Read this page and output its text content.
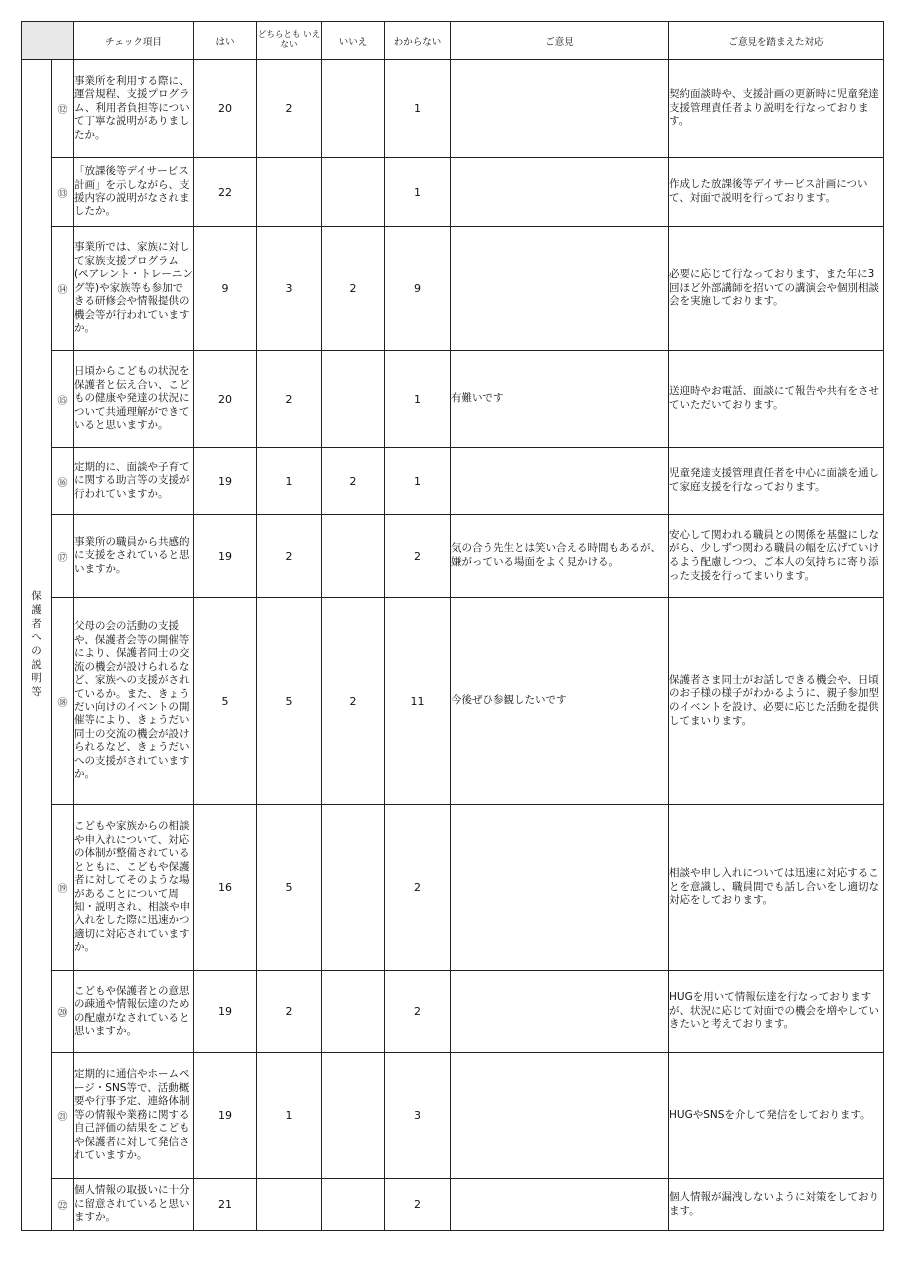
		チェック項目	はい	どちらとも いえない	いいえ	わからない	ご意見	ご意見を踏まえた対応
保護者への説明等	⑫	事業所を利用する際に、運営規程、支援プログラム、利用者負担等について丁寧な説明がありましたか。	20	2		1		契約面談時や、支援計画の更新時に児童発達支援管理責任者より説明を行なっております。
	⑬	「放課後等デイサービス計画」を示しながら、支援内容の説明がなされましたか。	22			1		作成した放課後等デイサービス計画について、対面で説明を行っております。
	⑭	事業所では、家族に対して家族支援プログラム(ペアレント・トレーニング等)や家族等も参加できる研修会や情報提供の機会等が行われていますか。	9	3	2	9		必要に応じて行なっております、また年に3回ほど外部講師を招いての講演会や個別相談会を実施しております。
	⑮	日頃からこどもの状況を保護者と伝え合い、こどもの健康や発達の状況について共通理解ができていると思いますか。	20	2		1	有難いです	送迎時やお電話、面談にて報告や共有をさせていただいております。
	⑯	定期的に、面談や子育てに関する助言等の支援が行われていますか。	19	1	2	1		児童発達支援管理責任者を中心に面談を通して家庭支援を行なっております。
	⑰	事業所の職員から共感的に支援をされていると思いますか。	19	2		2	気の合う先生とは笑い合える時間もあるが、嫌がっている場面をよく見かける。	安心して関われる職員との関係を基盤にしながら、少しずつ関わる職員の幅を広げていけるよう配慮しつつ、ご本人の気持ちに寄り添った支援を行ってまいります。
	⑱	父母の会の活動の支援や、保護者会等の開催等により、保護者同士の交流の機会が設けられるなど、家族への支援がされているか。また、きょうだい向けのイベントの開催等により、きょうだい同士の交流の機会が設けられるなど、きょうだいへの支援がされていますか。	5	5	2	11	今後ぜひ参観したいです	保護者さま同士がお話しできる機会や、日頃のお子様の様子がわかるように、親子参加型のイベントを設け、必要に応じた活動を提供してまいります。
	⑲	こどもや家族からの相談や申入れについて、対応の体制が整備されているとともに、こどもや保護者に対してそのような場があることについて周知・説明され、相談や申入れをした際に迅速かつ適切に対応されていますか。	16	5		2		相談や申し入れについては迅速に対応することを意識し、職員間でも話し合いをし適切な対応をしております。
	⑳	こどもや保護者との意思の疎通や情報伝達のための配慮がなされていると思いますか。	19	2		2		HUGを用いて情報伝達を行なっておりますが、状況に応じて対面での機会を増やしていきたいと考えております。
	㉑	定期的に通信やホームページ・SNS等で、活動概要や行事予定、連絡体制等の情報や業務に関する自己評価の結果をこどもや保護者に対して発信されていますか。	19	1		3		HUGやSNSを介して発信をしております。
	㉒	個人情報の取扱いに十分に留意されていると思いますか。	21			2		個人情報が漏洩しないように対策をしております。
